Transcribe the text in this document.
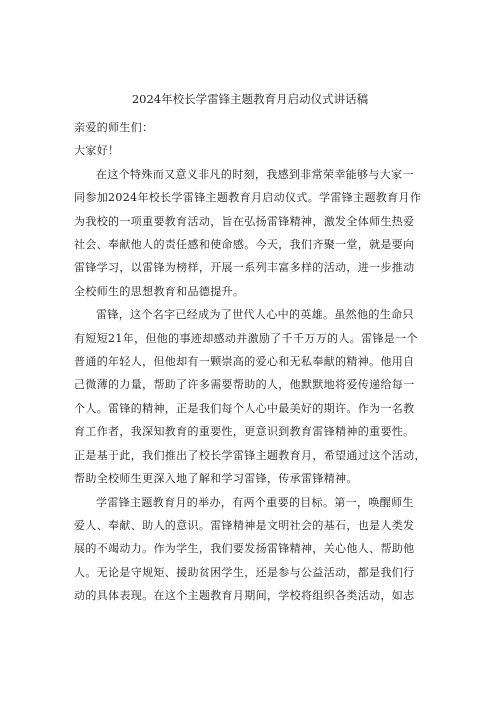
2024年校长学雷锋主题教育月启动仪式讲话稿

亲爱的师生们：

大家好！

在这个特殊而又意义非凡的时刻，我感到非常荣幸能够与大家一

同参加2024年校长学雷锋主题教育月启动仪式。学雷锋主题教育月作

为我校的一项重要教育活动，旨在弘扬雷锋精神，激发全体师生热爱

社会、奉献他人的责任感和使命感。今天，我们齐聚一堂，就是要向

雷锋学习，以雷锋为榜样，开展一系列丰富多样的活动，进一步推动

全校师生的思想教育和品德提升。

雷锋，这个名字已经成为了世代人心中的英雄。虽然他的生命只

有短短21年，但他的事迹却感动并激励了千千万万的人。雷锋是一个

普通的年轻人，但他却有一颗崇高的爱心和无私奉献的精神。他用自

己微薄的力量，帮助了许多需要帮助的人，他默默地将爱传递给每一

个人。雷锋的精神，正是我们每个人心中最美好的期许。作为一名教

育工作者，我深知教育的重要性，更意识到教育雷锋精神的重要性。

正是基于此，我们推出了校长学雷锋主题教育月，希望通过这个活动，

帮助全校师生更深入地了解和学习雷锋，传承雷锋精神。

学雷锋主题教育月的举办，有两个重要的目标。第一，唤醒师生

爱人、奉献、助人的意识。雷锋精神是文明社会的基石，也是人类发

展的不竭动力。作为学生，我们要发扬雷锋精神，关心他人、帮助他

人。无论是守规矩、援助贫困学生，还是参与公益活动，都是我们行

动的具体表现。在这个主题教育月期间，学校将组织各类活动，如志
